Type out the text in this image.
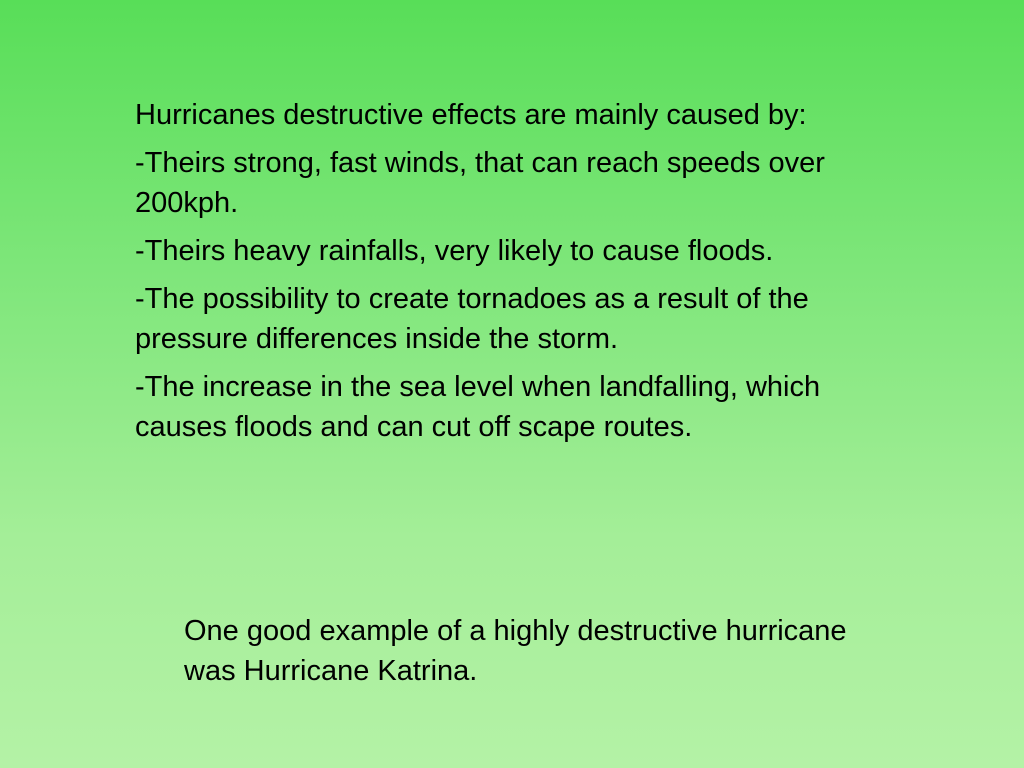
Hurricanes destructive effects are mainly caused by:

-Theirs strong, fast winds, that can reach speeds over 200kph.

-Theirs heavy rainfalls, very likely to cause floods.

-The possibility to create tornadoes as a result of the pressure differences inside the storm.

-The increase in the sea level when landfalling, which causes floods and can cut off scape routes.

One good example of a highly destructive hurricane was Hurricane Katrina.
